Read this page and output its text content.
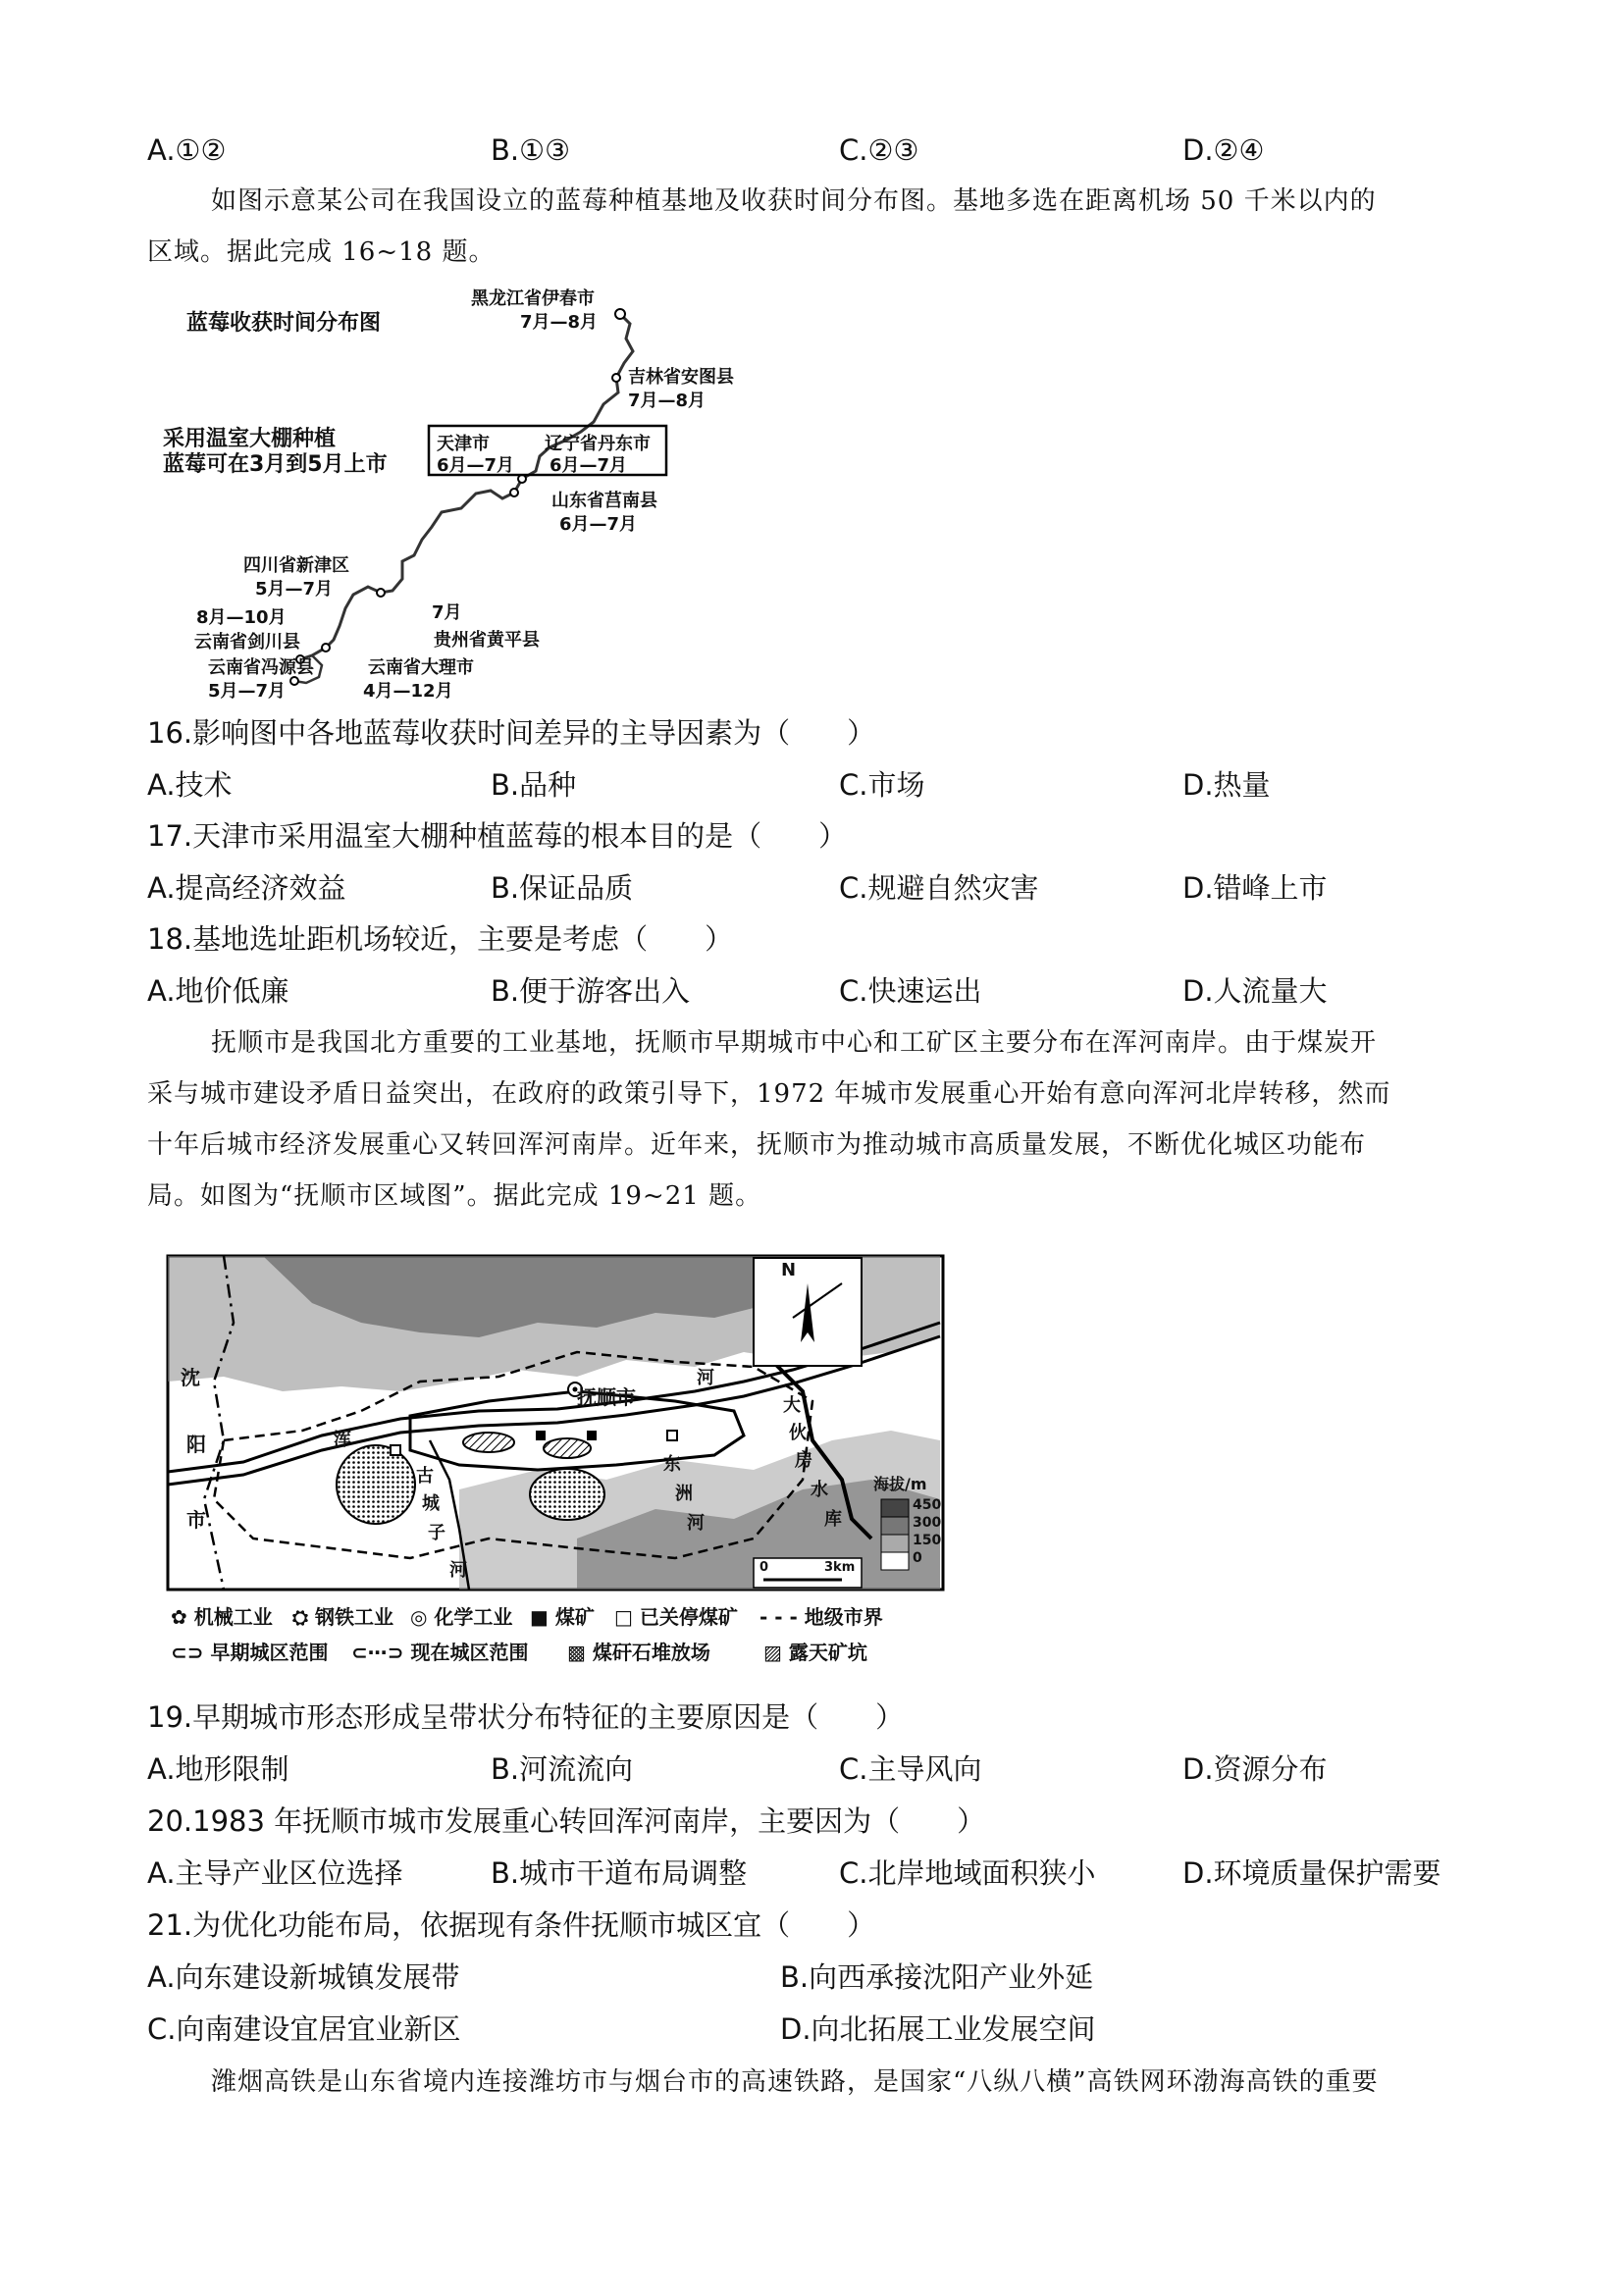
A.①②	B.①③	C.②③	D.②④
如图示意某公司在我国设立的蓝莓种植基地及收获时间分布图。基地多选在距离机场 50 千米以内的
区域。据此完成 16~18 题。
蓝莓收获时间分布图
采用温室大棚种植
蓝莓可在3月到5月上市
黑龙江省伊春市
7月—8月
吉林省安图县
7月—8月
天津市
6月—7月
辽宁省丹东市
6月—7月
山东省莒南县
6月—7月
四川省新津区
5月—7月
7月
贵州省黄平县
8月—10月
云南省剑川县
云南省冯源县
5月—7月
云南省大理市
4月—12月
16.影响图中各地蓝莓收获时间差异的主导因素为（　　）
A.技术	B.品种	C.市场	D.热量
17.天津市采用温室大棚种植蓝莓的根本目的是（　　）
A.提高经济效益	B.保证品质	C.规避自然灾害	D.错峰上市
18.基地选址距机场较近，主要是考虑（　　）
A.地价低廉	B.便于游客出入	C.快速运出	D.人流量大
抚顺市是我国北方重要的工业基地，抚顺市早期城市中心和工矿区主要分布在浑河南岸。由于煤炭开
采与城市建设矛盾日益突出，在政府的政策引导下，1972 年城市发展重心开始有意向浑河北岸转移，然而
十年后城市经济发展重心又转回浑河南岸。近年来，抚顺市为推动城市高质量发展，不断优化城区功能布
局。如图为“抚顺市区域图”。据此完成 19~21 题。
抚顺市
沈
阳
市
浑
河
东
洲
河
古
城
子
河
大
伙
房
水
库
N
海拔/m
450
300
150
0
0	3km
✿ 机械工业 ⛭ 钢铁工业 ◎ 化学工业 ■ 煤矿 □ 已关停煤矿 - - - 地级市界
⊂⊃ 早期城区范围 ⊂⋯⊃ 现在城区范围 ▩ 煤矸石堆放场	▨ 露天矿坑
19.早期城市形态形成呈带状分布特征的主要原因是（　　）
A.地形限制	B.河流流向	C.主导风向	D.资源分布
20.1983 年抚顺市城市发展重心转回浑河南岸，主要因为（　　）
A.主导产业区位选择	B.城市干道布局调整	C.北岸地域面积狭小	D.环境质量保护需要
21.为优化功能布局，依据现有条件抚顺市城区宜（　　）
A.向东建设新城镇发展带	B.向西承接沈阳产业外延
C.向南建设宜居宜业新区	D.向北拓展工业发展空间
潍烟高铁是山东省境内连接潍坊市与烟台市的高速铁路，是国家“八纵八横”高铁网环渤海高铁的重要
